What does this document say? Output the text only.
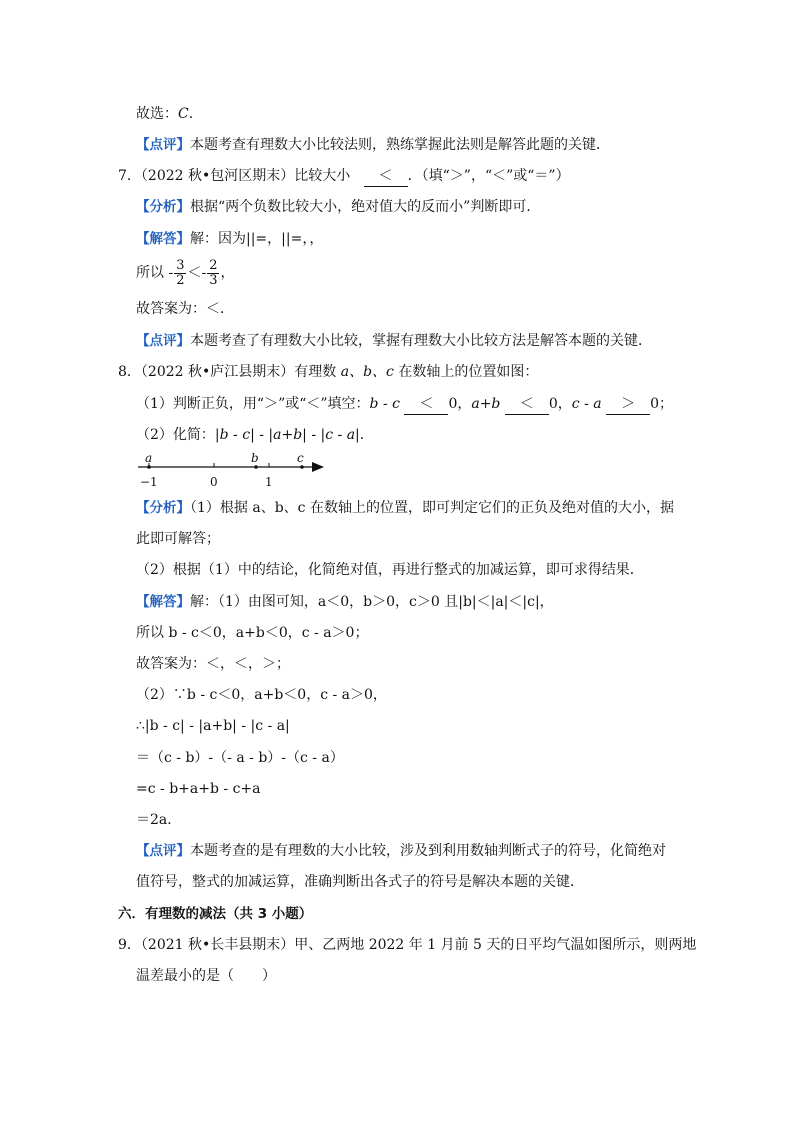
故选：C.
【点评】本题考查有理数大小比较法则，熟练掌握此法则是解答此题的关键．
7．（2022 秋•包河区期末）比较大小 ＜ ．（填“＞”，“＜”或“＝”）
【分析】根据“两个负数比较大小，绝对值大的反而小”判断即可．
【解答】解：因为||=，||=，，
所以 - $\frac{3}{2} <- \frac{2}{3}$ ，
故答案为：＜．
【点评】本题考查了有理数大小比较，掌握有理数大小比较方法是解答本题的关键．
8．（2022 秋•庐江县期末）有理数 a、b、c 在数轴上的位置如图：
（1）判断正负，用“＞”或“＜”填空：b - c ＜ 0，a+b ＜ 0，c - a ＞ 0；
（2）化简：|b - c| - |a+b| - |c - a|．
a	b	c
−1	0	1
【分析】（1）根据 a、b、c 在数轴上的位置，即可判定它们的正负及绝对值的大小，据
此即可解答；
（2）根据（1）中的结论，化简绝对值，再进行整式的加减运算，即可求得结果．
【解答】解：（1）由图可知，a＜0，b＞0，c＞0 且|b|＜|a|＜|c|，
所以 b - c＜0，a+b＜0，c - a＞0；
故答案为：＜，＜，＞；
（2）∵b - c＜0，a+b＜0，c - a＞0，
∴|b - c| - |a+b| - |c - a|
＝（c - b）-（- a - b）-（c - a）
=c - b+a+b - c+a
＝2a．
【点评】本题考查的是有理数的大小比较，涉及到利用数轴判断式子的符号，化简绝对
值符号，整式的加减运算，准确判断出各式子的符号是解决本题的关键．
六．有理数的减法（共 3 小题）
9．（2021 秋•长丰县期末）甲、乙两地 2022 年 1 月前 5 天的日平均气温如图所示，则两地
温差最小的是（　　）
